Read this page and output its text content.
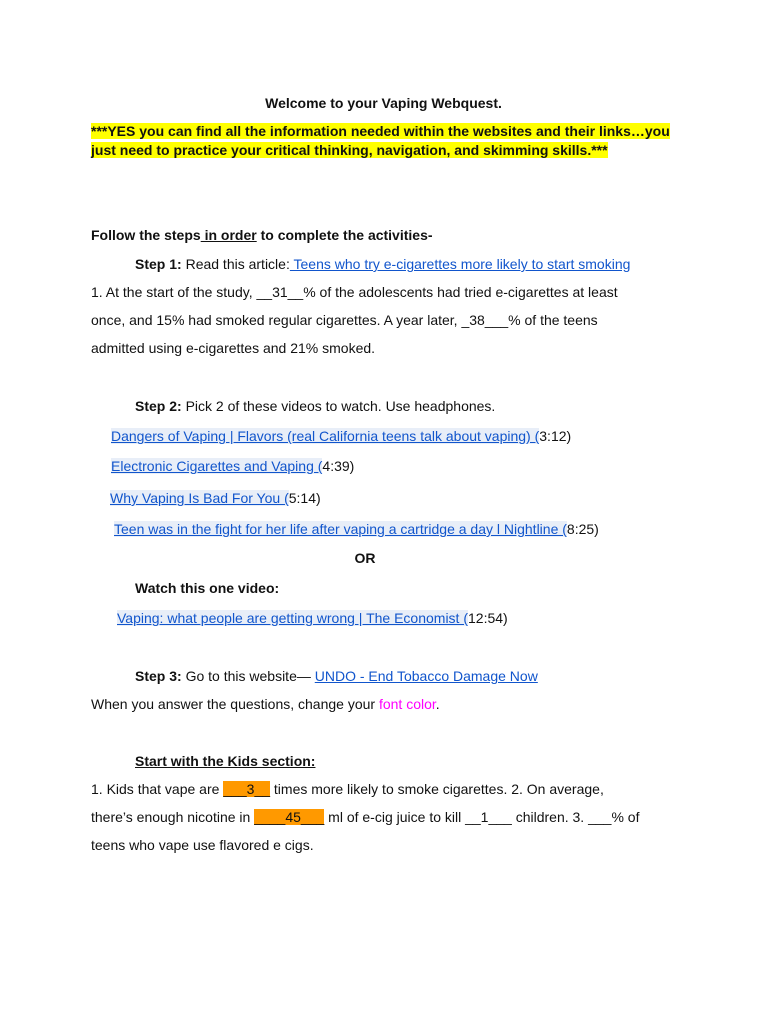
Welcome to your Vaping Webquest.
***YES you can find all the information needed within the websites and their links…you
just need to practice your critical thinking, navigation, and skimming skills.***
Follow the steps in order to complete the activities-
Step 1: Read this article: Teens who try e-cigarettes more likely to start smoking
1. At the start of the study, __31__% of the adolescents had tried e-cigarettes at least
once, and 15% had smoked regular cigarettes. A year later, _38___% of the teens
admitted using e-cigarettes and 21% smoked.
Step 2: Pick 2 of these videos to watch. Use headphones.
Dangers of Vaping | Flavors (real California teens talk about vaping) (3:12)
Electronic Cigarettes and Vaping (4:39)
Why Vaping Is Bad For You (5:14)
Teen was in the fight for her life after vaping a cartridge a day l Nightline (8:25)
OR
Watch this one video:
Vaping: what people are getting wrong | The Economist (12:54)
Step 3: Go to this website— UNDO - End Tobacco Damage Now
When you answer the questions, change your font color.
Start with the Kids section:
1. Kids that vape are ___3__ times more likely to smoke cigarettes. 2. On average,
there’s enough nicotine in ____45___ ml of e-cig juice to kill __1___ children. 3. ___% of
teens who vape use flavored e cigs.
